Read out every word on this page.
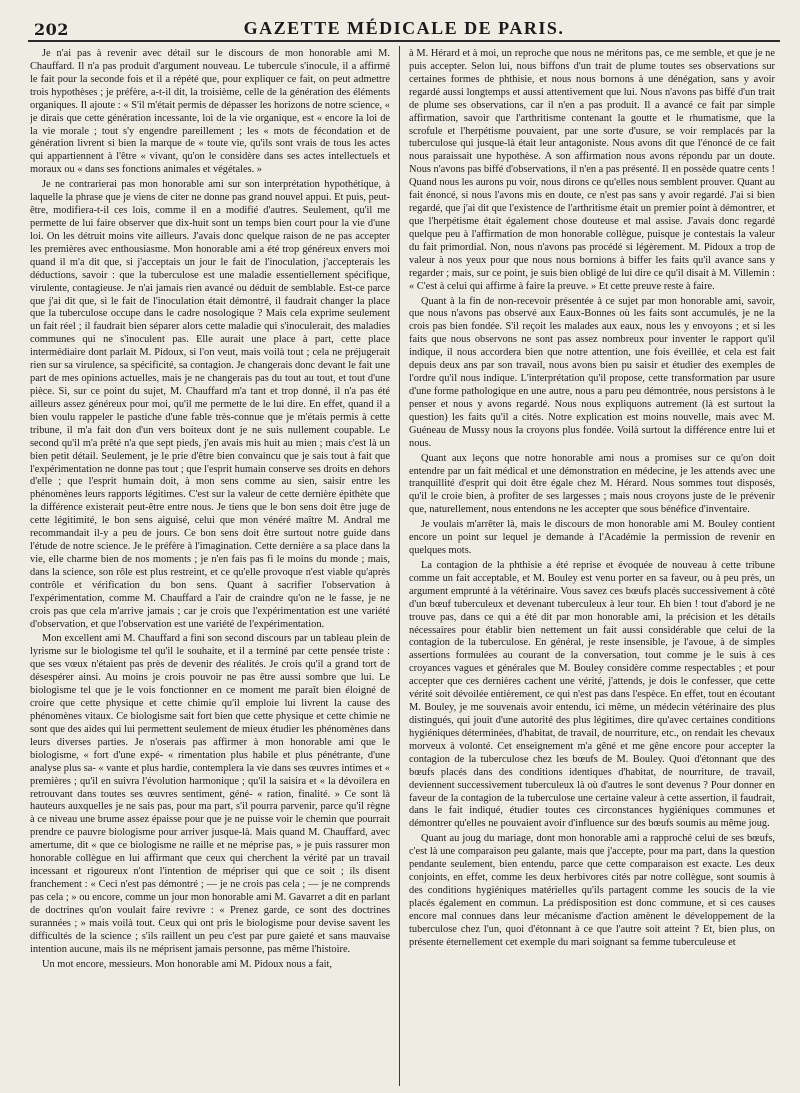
202	GAZETTE MÉDICALE DE PARIS.

Je n'ai pas à revenir avec détail sur le discours de mon honorable ami M. Chauffard. Il n'a pas produit d'argument nouveau. Le tubercule s'inocule, il a affirmé le fait pour la seconde fois et il a répété que, pour expliquer ce fait, on peut admettre trois hypothèses ; je préfère, a-t-il dit, la troisième, celle de la génération des éléments organiques. Il ajoute : « S'il m'était permis de dépasser les horizons de notre science, « je dirais que cette génération incessante, loi de la vie organique, est « encore la loi de la vie morale ; tout s'y engendre pareillement ; les « mots de fécondation et de génération livrent si bien la marque de « toute vie, qu'ils sont vrais de tous les actes qui appartiennent à l'être « vivant, qu'on le considère dans ses actes intellectuels et moraux ou « dans ses fonctions animales et végétales. »

Je ne contrarierai pas mon honorable ami sur son interprétation hypothétique, à laquelle la phrase que je viens de citer ne donne pas grand nouvel appui. Et puis, peut-être, modifiera-t-il ces lois, comme il en a modifié d'autres. Seulement, qu'il me permette de lui faire observer que dix-huit sont un temps bien court pour la vie d'une loi. On les détruit moins vite ailleurs. J'avais donc quelque raison de ne pas accepter les premières avec enthousiasme. Mon honorable ami a été trop généreux envers moi quand il m'a dit que, si j'acceptais un jour le fait de l'inoculation, j'accepterais les déductions, savoir : que la tuberculose est une maladie essentiellement spécifique, virulente, contagieuse. Je n'ai jamais rien avancé ou déduit de semblable. Est-ce parce que j'ai dit que, si le fait de l'inoculation était démontré, il faudrait changer la place que la tuberculose occupe dans le cadre nosologique ? Mais cela exprime seulement un fait réel ; il faudrait bien séparer alors cette maladie qui s'inoculerait, des maladies communes qui ne s'inoculent pas. Elle aurait une place à part, cette place intermédiaire dont parlait M. Pidoux, si l'on veut, mais voilà tout ; cela ne préjugerait rien sur sa virulence, sa spécificité, sa contagion. Je changerais donc devant le fait une part de mes opinions actuelles, mais je ne changerais pas du tout au tout, et tout d'une pièce. Si, sur ce point du sujet, M. Chauffard m'a tant et trop donné, il n'a pas été ailleurs assez généreux pour moi, qu'il me permette de le lui dire. En effet, quand il a bien voulu rappeler le pastiche d'une fable très-connue que je m'étais permis à cette tribune, il m'a fait don d'un vers boiteux dont je ne suis nullement coupable. Le second qu'il m'a prêté n'a que sept pieds, j'en avais mis huit au mien ; mais c'est là un bien petit détail. Seulement, je le prie d'être bien convaincu que je sais tout à fait que l'expérimentation ne donne pas tout ; que l'esprit humain conserve ses droits en dehors d'elle ; que l'esprit humain doit, à mon sens comme au sien, saisir entre les phénomènes leurs rapports légitimes. C'est sur la valeur de cette dernière épithète que la différence existerait peut-être entre nous. Je tiens que le bon sens doit être juge de cette légitimité, le bon sens aiguisé, celui que mon vénéré maître M. Andral me recommandait il-y a peu de jours. Ce bon sens doit être surtout notre guide dans l'étude de notre science. Je le préfère à l'imagination. Cette dernière a sa place dans la vie, elle charme bien de nos moments ; je n'en fais pas fi le moins du monde ; mais, dans la science, son rôle est plus restreint, et ce qu'elle provoque n'est viable qu'après contrôle et vérification du bon sens. Quant à sacrifier l'observation à l'expérimentation, comme M. Chauffard a l'air de craindre qu'on ne le fasse, je ne crois pas que cela m'arrive jamais ; car je crois que l'expérimentation est une variété d'observation, et que l'observation est une variété de l'expérimentation.

Mon excellent ami M. Chauffard a fini son second discours par un tableau plein de lyrisme sur le biologisme tel qu'il le souhaite, et il a terminé par cette pensée triste : que ses vœux n'étaient pas près de devenir des réalités. Je crois qu'il a grand tort de désespérer ainsi. Au moins je crois pouvoir ne pas être aussi sombre que lui. Le biologisme tel que je le vois fonctionner en ce moment me paraît bien éloigné de croire que cette physique et cette chimie qu'il emploie lui livrent la cause des phénomènes vitaux. Ce biologisme sait fort bien que cette physique et cette chimie ne sont que des aides qui lui permettent seulement de mieux étudier les phénomènes dans leurs diverses parties. Je n'oserais pas affirmer à mon honorable ami que le biologisme, « fort d'une expé- « rimentation plus habile et plus pénétrante, d'une analyse plus sa- « vante et plus hardie, contemplera la vie dans ses œuvres intimes et « premières ; qu'il en suivra l'évolution harmonique ; qu'il la saisira et « la dévoilera en retrouvant dans toutes ses œuvres sentiment, géné- « ration, finalité. » Ce sont là hauteurs auxquelles je ne sais pas, pour ma part, s'il pourra parvenir, parce qu'il règne à ce niveau une brume assez épaisse pour que je ne puisse voir le chemin que pourrait prendre ce pauvre biologisme pour arriver jusque-là. Mais quand M. Chauffard, avec amertume, dit « que ce biologisme ne raille et ne méprise pas, » je puis rassurer mon honorable collègue en lui affirmant que ceux qui cherchent la vérité par un travail incessant et rigoureux n'ont l'intention de mépriser qui que ce soit ; ils disent franchement : « Ceci n'est pas démontré ; — je ne crois pas cela ; — je ne comprends pas cela ; » ou encore, comme un jour mon honorable ami M. Gavarret a dit en parlant de doctrines qu'on voulait faire revivre : « Prenez garde, ce sont des doctrines surannées ; » mais voilà tout. Ceux qui ont pris le biologisme pour devise savent les difficultés de la science ; s'ils raillent un peu c'est par pure gaieté et sans mauvaise intention aucune, mais ils ne méprisent jamais personne, pas même l'histoire.

Un mot encore, messieurs. Mon honorable ami M. Pidoux nous a fait,

à M. Hérard et à moi, un reproche que nous ne méritons pas, ce me semble, et que je ne puis accepter. Selon lui, nous biffons d'un trait de plume toutes ses observations sur certaines formes de phthisie, et nous nous bornons à une dénégation, sans y avoir regardé aussi longtemps et aussi attentivement que lui. Nous n'avons pas biffé d'un trait de plume ses observations, car il n'en a pas produit. Il a avancé ce fait par simple affirmation, savoir que l'arthritisme contenant la goutte et le rhumatisme, que la scrofule et l'herpétisme pouvaient, par une sorte d'usure, se voir remplacés par la tuberculose qui jusque-là était leur antagoniste. Nous avons dit que l'énoncé de ce fait nous paraissait une hypothèse. A son affirmation nous avons répondu par un doute. Nous n'avons pas biffé d'observations, il n'en a pas présenté. Il en possède quatre cents ! Quand nous les aurons pu voir, nous dirons ce qu'elles nous semblent prouver. Quant au fait énoncé, si nous l'avons mis en doute, ce n'est pas sans y avoir regardé. J'ai si bien regardé, que j'ai dit que l'existence de l'arthritisme était un premier point à démontrer, et que l'herpétisme était également chose douteuse et mal assise. J'avais donc regardé quelque peu à l'affirmation de mon honorable collègue, puisque je contestais la valeur du fait primordial. Non, nous n'avons pas procédé si légèrement. M. Pidoux a trop de valeur à nos yeux pour que nous nous bornions à biffer les faits qu'il avance sans y regarder ; mais, sur ce point, je suis bien obligé de lui dire ce qu'il disait à M. Villemin : « C'est à celui qui affirme à faire la preuve. » Et cette preuve reste à faire.

Quant à la fin de non-recevoir présentée à ce sujet par mon honorable ami, savoir, que nous n'avons pas observé aux Eaux-Bonnes où les faits sont accumulés, je ne la crois pas bien fondée. S'il reçoit les malades aux eaux, nous les y envoyons ; et si les faits que nous observons ne sont pas assez nombreux pour inventer le rapport qu'il indique, il nous accordera bien que notre attention, une fois éveillée, et cela est fait depuis deux ans par son travail, nous avons bien pu saisir et étudier des exemples de l'ordre qu'il nous indique. L'interprétation qu'il propose, cette transformation par usure d'une forme pathologique en une autre, nous a paru peu démontrée, nous persistons à le penser et nous y avons regardé. Nous nous expliquons autrement (là est surtout la question) les faits qu'il a cités. Notre explication est moins nouvelle, mais avec M. Guéneau de Mussy nous la croyons plus fondée. Voilà surtout la différence entre lui et nous.

Quant aux leçons que notre honorable ami nous a promises sur ce qu'on doit entendre par un fait médical et une démonstration en médecine, je les attends avec une tranquillité d'esprit qui doit être égale chez M. Hérard. Nous sommes tout disposés, qu'il le croie bien, à profiter de ses largesses ; mais nous croyons juste de le prévenir que, naturellement, nous entendons ne les accepter que sous bénéfice d'inventaire.

Je voulais m'arrêter là, mais le discours de mon honorable ami M. Bouley contient encore un point sur lequel je demande à l'Académie la permission de revenir en quelques mots.

La contagion de la phthisie a été reprise et évoquée de nouveau à cette tribune comme un fait acceptable, et M. Bouley est venu porter en sa faveur, ou à peu près, un argument emprunté à la vétérinaire. Vous savez ces bœufs placés successivement à côté d'un bœuf tuberculeux et devenant tuberculeux à leur tour. Eh bien ! tout d'abord je ne trouve pas, dans ce qui a été dit par mon honorable ami, la précision et les détails nécessaires pour établir bien nettement un fait aussi considérable que celui de la contagion de la tuberculose. En général, je reste insensible, je l'avoue, à de simples assertions formulées au courant de la conversation, tout comme je le suis à ces croyances vagues et générales que M. Bouley considère comme respectables ; et pour accepter que ces dernières cachent une vérité, j'attends, je dois le confesser, que cette vérité soit dévoilée entièrement, ce qui n'est pas dans l'espèce. En effet, tout en écoutant M. Bouley, je me souvenais avoir entendu, ici même, un médecin vétérinaire des plus distingués, qui jouit d'une autorité des plus légitimes, dire qu'avec certaines conditions hygiéniques déterminées, d'habitat, de travail, de nourriture, etc., on rendait les chevaux morveux à volonté. Cet enseignement m'a gêné et me gêne encore pour accepter la contagion de la tuberculose chez les bœufs de M. Bouley. Quoi d'étonnant que des bœufs placés dans des conditions identiques d'habitat, de nourriture, de travail, deviennent successivement tuberculeux là où d'autres le sont devenus ? Pour donner en faveur de la contagion de la tuberculose une certaine valeur à cette assertion, il faudrait, dans le fait indiqué, étudier toutes ces circonstances hygiéniques communes et démontrer qu'elles ne pouvaient avoir d'influence sur des bœufs soumis au même joug.

Quant au joug du mariage, dont mon honorable ami a rapproché celui de ses bœufs, c'est là une comparaison peu galante, mais que j'accepte, pour ma part, dans la question pendante seulement, bien entendu, parce que cette comparaison est exacte. Les deux conjoints, en effet, comme les deux herbivores cités par notre collègue, sont soumis à des conditions hygiéniques matérielles qu'ils partagent comme les soucis de la vie placés également en commun. La prédisposition est donc commune, et si ces causes encore mal connues dans leur mécanisme d'action amènent le développement de la tuberculose chez l'un, quoi d'étonnant à ce que l'autre soit atteint ? Et, bien plus, on présente éternellement cet exemple du mari soignant sa femme tuberculeuse et
